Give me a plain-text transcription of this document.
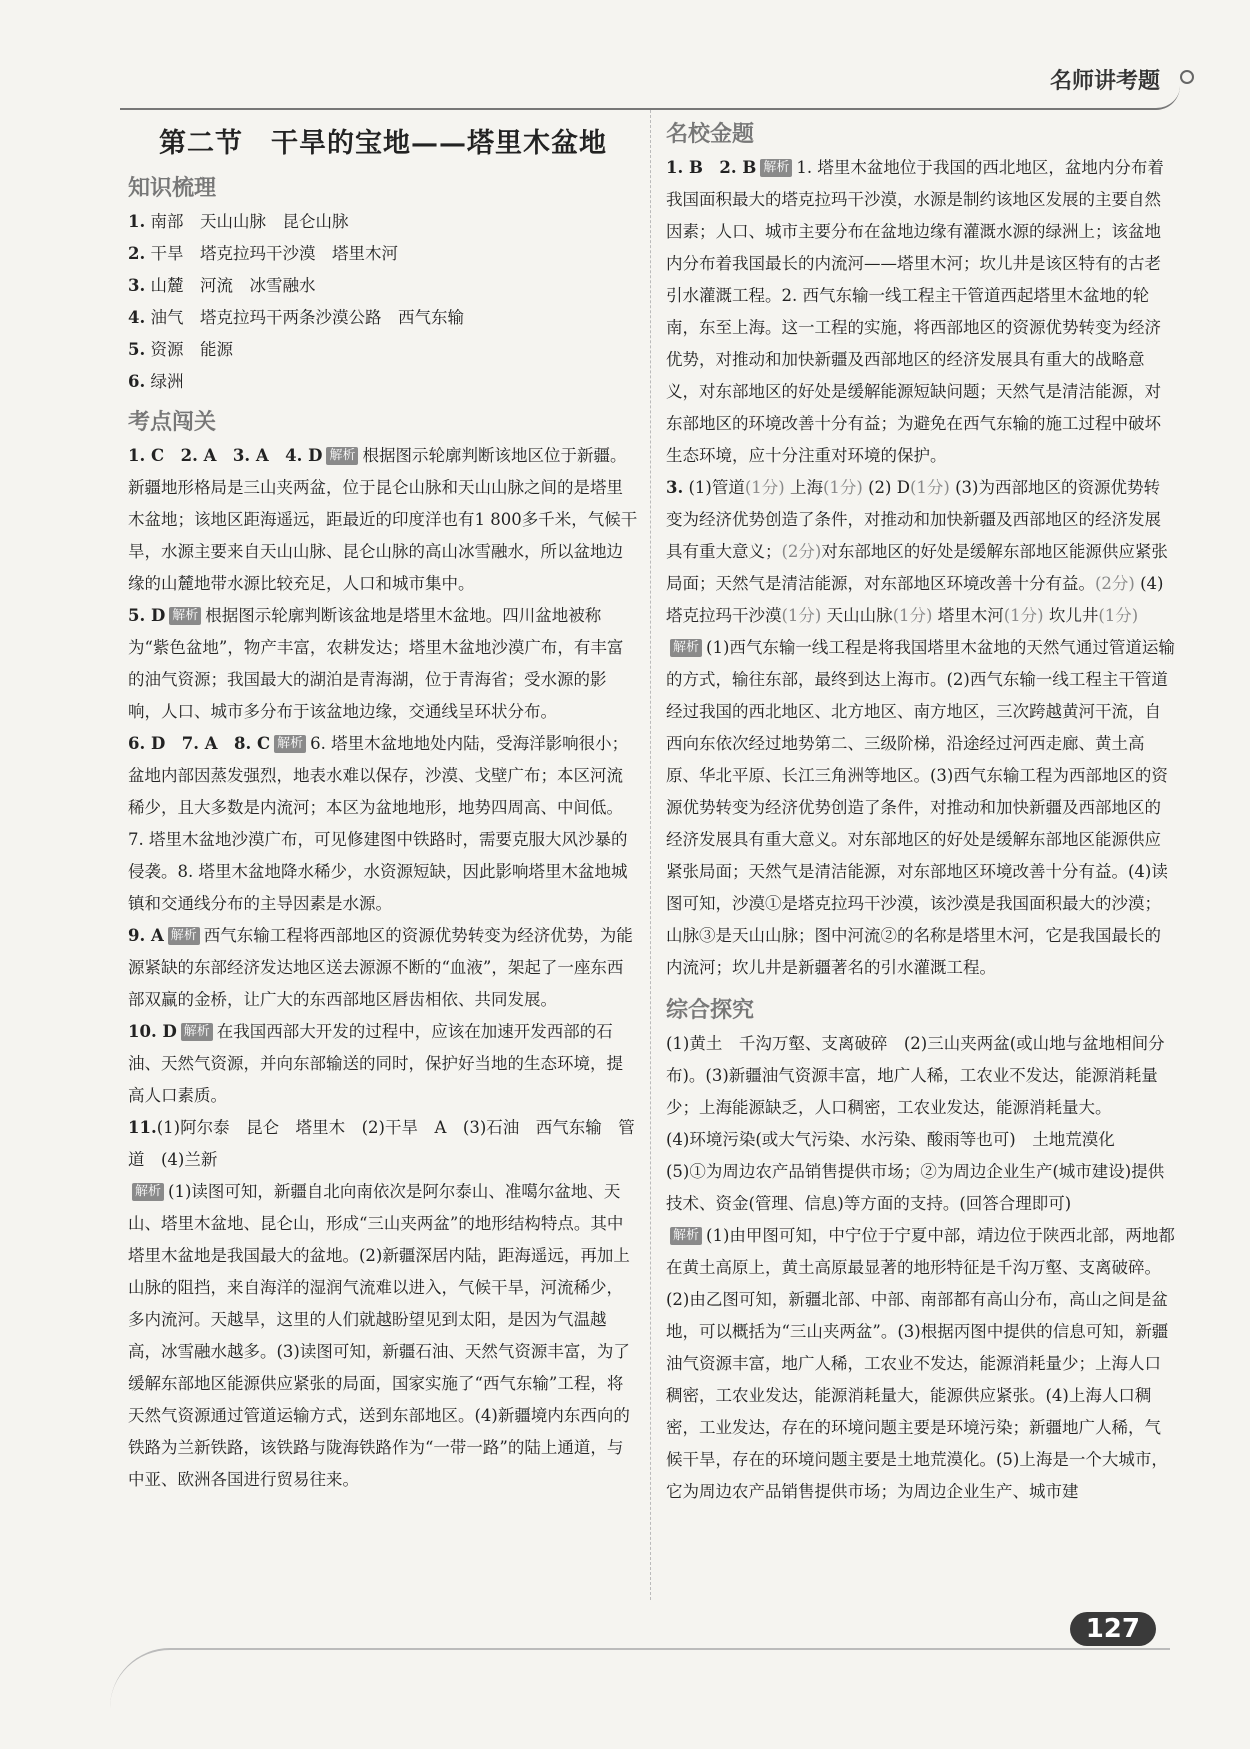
名师讲考题
第二节　干旱的宝地——塔里木盆地
知识梳理
1. 南部　天山山脉　昆仑山脉
2. 干旱　塔克拉玛干沙漠　塔里木河
3. 山麓　河流　冰雪融水
4. 油气　塔克拉玛干两条沙漠公路　西气东输
5. 资源　能源
6. 绿洲
考点闯关
1. C　2. A　3. A　4. D 解析 根据图示轮廓判断该地区位于新疆。新疆地形格局是三山夹两盆，位于昆仑山脉和天山山脉之间的是塔里木盆地；该地区距海遥远，距最近的印度洋也有1 800多千米，气候干旱，水源主要来自天山山脉、昆仑山脉的高山冰雪融水，所以盆地边缘的山麓地带水源比较充足，人口和城市集中。
5. D 解析 根据图示轮廓判断该盆地是塔里木盆地。四川盆地被称为“紫色盆地”，物产丰富，农耕发达；塔里木盆地沙漠广布，有丰富的油气资源；我国最大的湖泊是青海湖，位于青海省；受水源的影响，人口、城市多分布于该盆地边缘，交通线呈环状分布。
6. D　7. A　8. C 解析 6. 塔里木盆地地处内陆，受海洋影响很小；盆地内部因蒸发强烈，地表水难以保存，沙漠、戈壁广布；本区河流稀少，且大多数是内流河；本区为盆地地形，地势四周高、中间低。7. 塔里木盆地沙漠广布，可见修建图中铁路时，需要克服大风沙暴的侵袭。8. 塔里木盆地降水稀少，水资源短缺，因此影响塔里木盆地城镇和交通线分布的主导因素是水源。
9. A 解析 西气东输工程将西部地区的资源优势转变为经济优势，为能源紧缺的东部经济发达地区送去源源不断的“血液”，架起了一座东西部双赢的金桥，让广大的东西部地区唇齿相依、共同发展。
10. D 解析 在我国西部大开发的过程中，应该在加速开发西部的石油、天然气资源，并向东部输送的同时，保护好当地的生态环境，提高人口素质。
11.(1)阿尔泰　昆仑　塔里木　(2)干旱　A　(3)石油　西气东输　管道　(4)兰新
解析 (1)读图可知，新疆自北向南依次是阿尔泰山、准噶尔盆地、天山、塔里木盆地、昆仑山，形成“三山夹两盆”的地形结构特点。其中塔里木盆地是我国最大的盆地。(2)新疆深居内陆，距海遥远，再加上山脉的阻挡，来自海洋的湿润气流难以进入，气候干旱，河流稀少，多内流河。天越旱，这里的人们就越盼望见到太阳，是因为气温越高，冰雪融水越多。(3)读图可知，新疆石油、天然气资源丰富，为了缓解东部地区能源供应紧张的局面，国家实施了“西气东输”工程，将天然气资源通过管道运输方式，送到东部地区。(4)新疆境内东西向的铁路为兰新铁路，该铁路与陇海铁路作为“一带一路”的陆上通道，与中亚、欧洲各国进行贸易往来。
名校金题
1. B　2. B 解析 1. 塔里木盆地位于我国的西北地区，盆地内分布着我国面积最大的塔克拉玛干沙漠，水源是制约该地区发展的主要自然因素；人口、城市主要分布在盆地边缘有灌溉水源的绿洲上；该盆地内分布着我国最长的内流河——塔里木河；坎儿井是该区特有的古老引水灌溉工程。2. 西气东输一线工程主干管道西起塔里木盆地的轮南，东至上海。这一工程的实施，将西部地区的资源优势转变为经济优势，对推动和加快新疆及西部地区的经济发展具有重大的战略意义，对东部地区的好处是缓解能源短缺问题；天然气是清洁能源，对东部地区的环境改善十分有益；为避免在西气东输的施工过程中破坏生态环境，应十分注重对环境的保护。
3. (1)管道(1分) 上海(1分) (2) D(1分) (3)为西部地区的资源优势转变为经济优势创造了条件，对推动和加快新疆及西部地区的经济发展具有重大意义；(2分)对东部地区的好处是缓解东部地区能源供应紧张局面；天然气是清洁能源，对东部地区环境改善十分有益。(2分) (4)塔克拉玛干沙漠(1分) 天山山脉(1分) 塔里木河(1分) 坎儿井(1分)
解析 (1)西气东输一线工程是将我国塔里木盆地的天然气通过管道运输的方式，输往东部，最终到达上海市。(2)西气东输一线工程主干管道经过我国的西北地区、北方地区、南方地区，三次跨越黄河干流，自西向东依次经过地势第二、三级阶梯，沿途经过河西走廊、黄土高原、华北平原、长江三角洲等地区。(3)西气东输工程为西部地区的资源优势转变为经济优势创造了条件，对推动和加快新疆及西部地区的经济发展具有重大意义。对东部地区的好处是缓解东部地区能源供应紧张局面；天然气是清洁能源，对东部地区环境改善十分有益。(4)读图可知，沙漠①是塔克拉玛干沙漠，该沙漠是我国面积最大的沙漠；山脉③是天山山脉；图中河流②的名称是塔里木河，它是我国最长的内流河；坎儿井是新疆著名的引水灌溉工程。
综合探究
(1)黄土　千沟万壑、支离破碎　(2)三山夹两盆(或山地与盆地相间分布)。(3)新疆油气资源丰富，地广人稀，工农业不发达，能源消耗量少；上海能源缺乏，人口稠密，工农业发达，能源消耗量大。
(4)环境污染(或大气污染、水污染、酸雨等也可)　土地荒漠化
(5)①为周边农产品销售提供市场；②为周边企业生产(城市建设)提供技术、资金(管理、信息)等方面的支持。(回答合理即可)
解析 (1)由甲图可知，中宁位于宁夏中部，靖边位于陕西北部，两地都在黄土高原上，黄土高原最显著的地形特征是千沟万壑、支离破碎。(2)由乙图可知，新疆北部、中部、南部都有高山分布，高山之间是盆地，可以概括为“三山夹两盆”。(3)根据丙图中提供的信息可知，新疆油气资源丰富，地广人稀，工农业不发达，能源消耗量少；上海人口稠密，工农业发达，能源消耗量大，能源供应紧张。(4)上海人口稠密，工业发达，存在的环境问题主要是环境污染；新疆地广人稀，气候干旱，存在的环境问题主要是土地荒漠化。(5)上海是一个大城市，它为周边农产品销售提供市场；为周边企业生产、城市建
127
